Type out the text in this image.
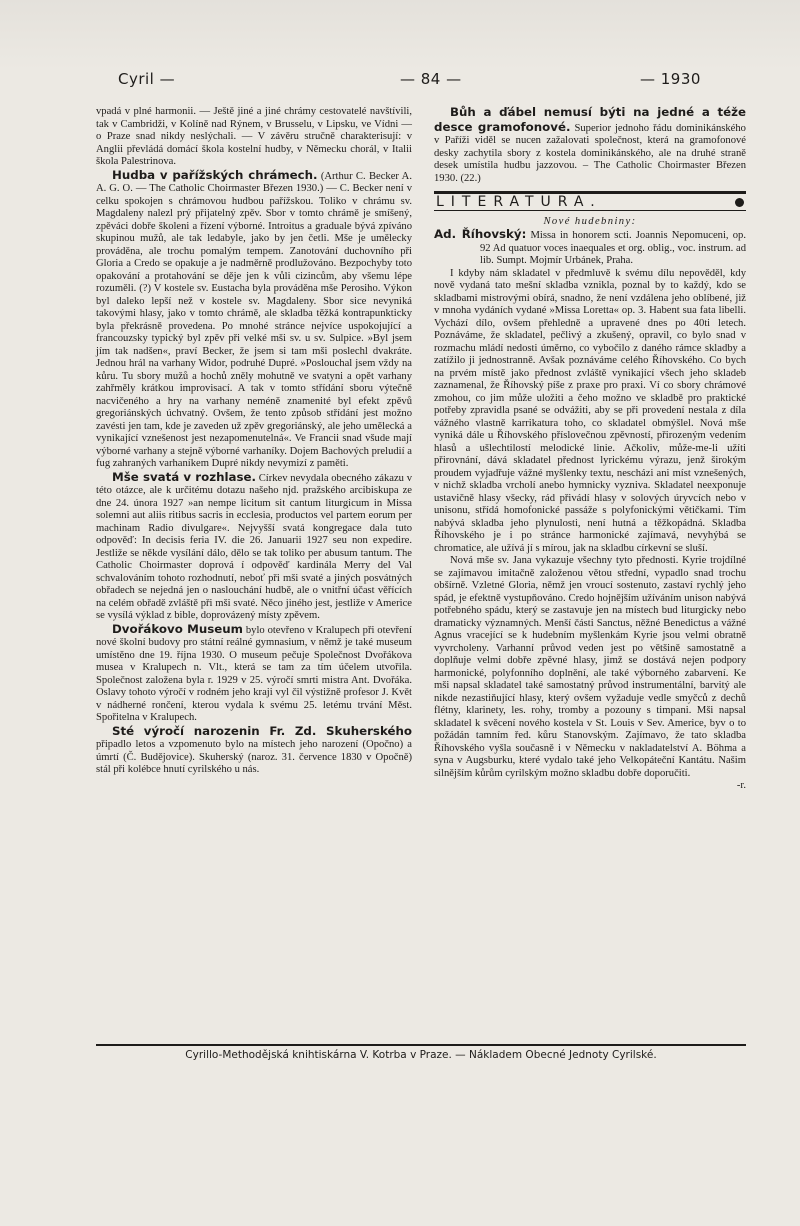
Cyril —	— 84 —	— 1930

vpadá v plné harmonii. — Ještě jiné a jiné chrámy cestovatelé navštívili, tak v Cambridži, v Kolíně nad Rýnem, v Brusselu, v Lipsku, ve Vídni — o Praze snad nikdy neslýchali. — V závěru stručně charakterisují: v Anglii převládá domácí škola kostelní hudby, v Německu chorál, v Italii škola Palestrinova.

Hudba v pařížských chrámech. (Arthur C. Becker A. A. G. O. — The Catholic Choirmaster Březen 1930.) — C. Becker není v celku spokojen s chrámovou hudbou pařížskou. Toliko v chrámu sv. Magdaleny nalezl prý přijatelný zpěv. Sbor v tomto chrámě je smíšený, zpěváci dobře školeni a řízení výborné. Introitus a graduale bývá zpíváno skupinou mužů, ale tak ledabyle, jako by jen četli. Mše je umělecky prováděna, ale trochu pomalým tempem. Zanotování duchovního při Gloria a Credo se opakuje a je nadměrně prodlužováno. Bezpochyby toto opakování a protahování se děje jen k vůli cizincům, aby všemu lépe rozuměli. (?) V kostele sv. Eustacha byla prováděna mše Perosiho. Výkon byl daleko lepší než v kostele sv. Magdaleny. Sbor sice nevyniká takovými hlasy, jako v tomto chrámě, ale skladba těžká kontrapunkticky byla překrásně provedena. Po mnohé stránce nejvíce uspokojující a francouzsky typický byl zpěv při velké mši sv. u sv. Sulpice. »Byl jsem jím tak nadšen«, praví Becker, že jsem si tam mši poslechl dvakráte. Jednou hrál na varhany Widor, podruhé Dupré. »Poslouchal jsem vždy na kůru. Tu sbory mužů a hochů zněly mohutně ve svatyni a opět varhany zahřměly krátkou improvisací. A tak v tomto střídání sboru výtečně nacvičeného a hry na varhany neméně znamenité byl efekt zpěvů gregoriánských úchvatný. Ovšem, že tento způsob střídání jest možno zavésti jen tam, kde je zaveden už zpěv gregoriánský, ale jeho umělecká a vynikající vznešenost jest nezapomenutelná«. Ve Francii snad všude mají výborné varhany a stejně výborné varhaníky. Dojem Bachových preludií a fug zahraných varhaníkem Dupré nikdy nevymizí z paměti.

Mše svatá v rozhlase. Církev nevydala obecného zákazu v této otázce, ale k určitému dotazu našeho njd. pražského arcibiskupa ze dne 24. února 1927 »an nempe licitum sit cantum liturgicum in Missa solemni aut aliis ritibus sacris in ecclesia, productos vel partem eorum per machinam Radio divulgare«. Nejvyšší svatá kongregace dala tuto odpověď: In decisis feria IV. die 26. Januarii 1927 seu non expedire. Jestliže se někde vysílání dálo, dělo se tak toliko per abusum tantum. The Catholic Choirmaster doprová í odpověď kardinála Merry del Val schvalováním tohoto rozhodnutí, neboť při mši svaté a jiných posvátných obřadech se nejedná jen o naslouchání hudbě, ale o vnitřní účast věřících na celém obřadě zvláště při mši svaté. Něco jiného jest, jestliže v Americe se vysílá výklad z bible, doprovázený místy zpěvem.

Dvořákovo Museum bylo otevřeno v Kralupech při otevření nové školní budovy pro státní reálné gymnasium, v němž je také museum umístěno dne 19. října 1930. O museum pečuje Společnost Dvořákova musea v Kralupech n. Vlt., která se tam za tím účelem utvořila. Společnost založena byla r. 1929 v 25. výročí smrti mistra Ant. Dvořáka. Oslavy tohoto výročí v rodném jeho kraji vyl čil výstižně profesor J. Květ v nádherné rončení, kterou vydala k svému 25. letému trvání Měst. Spořitelna v Kralupech.

Sté výročí narozenin Fr. Zd. Skuherského připadlo letos a vzpomenuto bylo na místech jeho narození (Opočno) a úmrtí (Č. Budějovice). Skuherský (naroz. 31. července 1830 v Opočně) stál při kolébce hnutí cyrilského u nás.

Bůh a ďábel nemusí býti na jedné a téže desce gramofonové. Superior jednoho řádu dominikánského v Paříži viděl se nucen zažalovati společnost, která na gramofonové desky zachytila sbory z kostela dominikánského, ale na druhé straně desek umístila hudbu jazzovou. – The Catholic Choirmaster Březen 1930. (22.)

LITERATURA.

Nové hudebniny:

Ad. Říhovský: Missa in honorem scti. Joannis Nepomuceni, op. 92 Ad quatuor voces inaequales et org. oblig., voc. instrum. ad lib. Sumpt. Mojmír Urbánek, Praha.

I kdyby nám skladatel v předmluvě k svému dílu nepověděl, kdy nově vydaná tato mešní skladba vznikla, poznal by to každý, kdo se skladbami mistrovými obírá, snadno, že není vzdálena jeho oblíbené, již v mnoha vydáních vydané »Missa Loretta« op. 3. Habent sua fata libelli. Vychází dílo, ovšem přehledně a upravené dnes po 40ti letech. Poznáváme, že skladatel, pečlivý a zkušený, opravil, co bylo snad v rozmachu mládí nedosti úměrno, co vybočilo z daného rámce skladby a zatížilo ji jednostranně. Avšak poznáváme celého Říhovského. Co bych na prvém místě jako přednost zvláště vynikající všech jeho skladeb zaznamenal, že Říhovský píše z praxe pro praxi. Ví co sbory chrámové zmohou, co jim může uložiti a čeho možno ve skladbě pro praktické potřeby zpravidla psané se odvážiti, aby se při provedení nestala z díla vážného vlastně karrikatura toho, co skladatel obmýšlel. Nová mše vyniká dále u Říhovského příslovečnou zpěvností, přirozeným vedením hlasů a ušlechtilostí melodické linie. Ačkoliv, může-me-li užíti přirovnání, dává skladatel přednost lyrickému výrazu, jenž širokým proudem vyjadřuje vážné myšlenky textu, nescházi ani míst vznešených, v nichž skladba vrcholí anebo hymnicky vyzniva. Skladatel neexponuje ustavičně hlasy všecky, rád přivádí hlasy v solových úryvcích nebo v unisonu, střídá homofonické passáže s polyfonickými větičkami. Tím nabývá skladba jeho plynulosti, není hutná a těžkopádná. Skladba Říhovského je i po stránce harmonické zajímavá, nevyhýbá se chromatice, ale užívá jí s mírou, jak na skladbu církevní se sluší.

Nová mše sv. Jana vykazuje všechny tyto přednosti. Kyrie trojdílné se zajímavou imitačně založenou větou střední, vypadlo snad trochu obšírně. Vzletné Gloria, němž jen vroucí sostenuto, zastaví rychlý jeho spád, je efektně vystupňováno. Credo hojnějším užíváním unison nabývá potřebného spádu, který se zastavuje jen na místech bud liturgicky nebo dramaticky významných. Menší části Sanctus, něžné Benedictus a vážné Agnus vracející se k hudebním myšlenkám Kyrie jsou velmi obratně vyvrcholeny. Varhanní průvod veden jest po většině samostatně a doplňuje velmi dobře zpěvné hlasy, jimž se dostává nejen podpory harmonické, polyfonního doplnění, ale také výborného zabarvení. Ke mši napsal skladatel také samostatný průvod instrumentální, barvitý ale nikde nezastiňující hlasy, který ovšem vyžaduje vedle smyčců z dechů flétny, klarinety, les. rohy, tromby a pozouny s timpani. Mši napsal skladatel k svěcení nového kostela v St. Louis v Sev. Americe, byv o to požádán tamním řed. kůru Stanovským. Zajímavo, že tato skladba Říhovského vyšla současně i v Německu v nakladatelství A. Böhma a syna v Augsburku, které vydalo také jeho Velkopáteční Kantátu. Našim silnějším kůrům cyrilským možno skladbu dobře doporučiti.

-r.

Cyrillo-Methodějská knihtiskárna V. Kotrba v Praze. — Nákladem Obecné Jednoty Cyrilské.
